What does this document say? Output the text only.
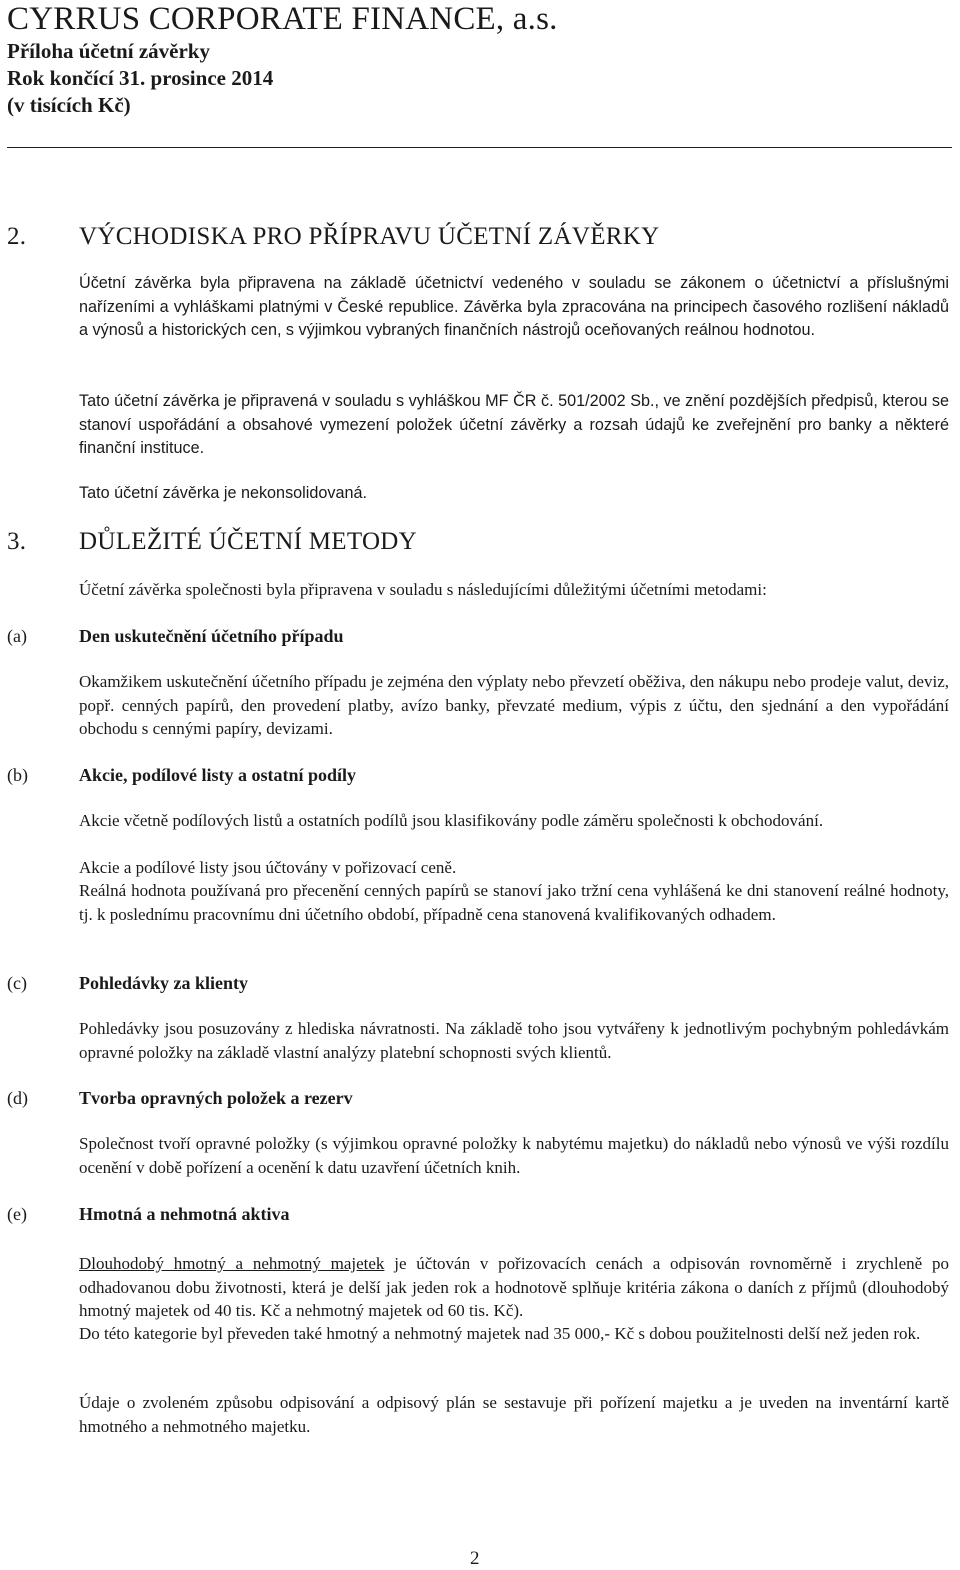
CYRRUS CORPORATE FINANCE, a.s.
Příloha účetní závěrky
Rok končící 31. prosince 2014
(v tisících Kč)
2. VÝCHODISKA PRO PŘÍPRAVU ÚČETNÍ ZÁVĚRKY
Účetní závěrka byla připravena na základě účetnictví vedeného v souladu se zákonem o účetnictví a příslušnými nařízeními a vyhláškami platnými v České republice. Závěrka byla zpracována na principech časového rozlišení nákladů a výnosů a historických cen, s výjimkou vybraných finančních nástrojů oceňovaných reálnou hodnotou.
Tato účetní závěrka je připravená v souladu s vyhláškou MF ČR č. 501/2002 Sb., ve znění pozdějších předpisů, kterou se stanoví uspořádání a obsahové vymezení položek účetní závěrky a rozsah údajů ke zveřejnění pro banky a některé finanční instituce.
Tato účetní závěrka je nekonsolidovaná.
3. DŮLEŽITÉ ÚČETNÍ METODY
Účetní závěrka společnosti byla připravena v souladu s následujícími důležitými účetními metodami:
(a)	Den uskutečnění účetního případu
Okamžikem uskutečnění účetního případu je zejména den výplaty nebo převzetí oběživa, den nákupu nebo prodeje valut, deviz, popř. cenných papírů, den provedení platby, avízo banky, převzaté medium, výpis z účtu, den sjednání a den vypořádání obchodu s cennými papíry, devizami.
(b)	Akcie, podílové listy a ostatní podíly
Akcie včetně podílových listů a ostatních podílů jsou klasifikovány podle záměru společnosti k obchodování.
Akcie a podílové listy jsou účtovány v pořizovací ceně.
Reálná hodnota používaná pro přecenění cenných papírů se stanoví jako tržní cena vyhlášená ke dni stanovení reálné hodnoty, tj. k poslednímu pracovnímu dni účetního období, případně cena stanovená kvalifikovaných odhadem.
(c)	Pohledávky za klienty
Pohledávky jsou posuzovány z hlediska návratnosti. Na základě toho jsou vytvářeny k jednotlivým pochybným pohledávkám opravné položky na základě vlastní analýzy platební schopnosti svých klientů.
(d)	Tvorba opravných položek a rezerv
Společnost tvoří opravné položky (s výjimkou opravné položky k nabytému majetku) do nákladů nebo výnosů ve výši rozdílu ocenění v době pořízení a ocenění k datu uzavření účetních knih.
(e)	Hmotná a nehmotná aktiva
Dlouhodobý hmotný a nehmotný majetek je účtován v pořizovacích cenách a odpisován rovnoměrně i zrychleně po odhadovanou dobu životnosti, která je delší jak jeden rok a hodnotově splňuje kritéria zákona o daních z příjmů (dlouhodobý hmotný majetek od 40 tis. Kč a nehmotný majetek od 60 tis. Kč).
Do této kategorie byl převeden také hmotný a nehmotný majetek nad 35 000,- Kč s dobou použitelnosti delší než jeden rok.
Údaje o zvoleném způsobu odpisování a odpisový plán se sestavuje při pořízení majetku a je uveden na inventární kartě hmotného a nehmotného majetku.
2
